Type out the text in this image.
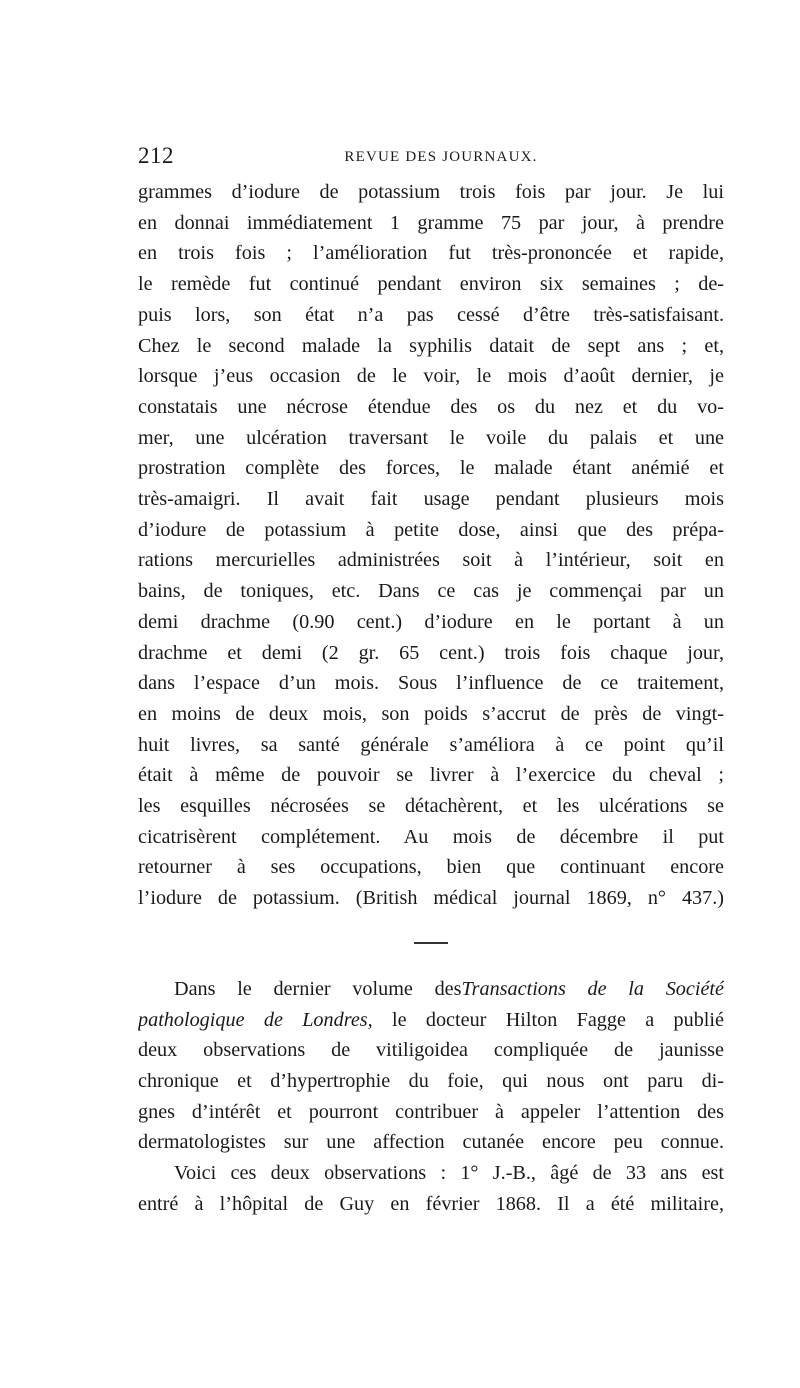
212	REVUE DES JOURNAUX.
grammes d’iodure de potassium trois fois par jour. Je lui
en donnai immédiatement 1 gramme 75 par jour, à prendre
en trois fois ; l’amélioration fut très-prononcée et rapide,
le remède fut continué pendant environ six semaines ; de-
puis lors, son état n’a pas cessé d’être très-satisfaisant.
Chez le second malade la syphilis datait de sept ans ; et,
lorsque j’eus occasion de le voir, le mois d’août dernier, je
constatais une nécrose étendue des os du nez et du vo-
mer, une ulcération traversant le voile du palais et une
prostration complète des forces, le malade étant anémié et
très-amaigri. Il avait fait usage pendant plusieurs mois
d’iodure de potassium à petite dose, ainsi que des prépa-
rations mercurielles administrées soit à l’intérieur, soit en
bains, de toniques, etc. Dans ce cas je commençai par un
demi drachme (0.90 cent.) d’iodure en le portant à un
drachme et demi (2 gr. 65 cent.) trois fois chaque jour,
dans l’espace d’un mois. Sous l’influence de ce traitement,
en moins de deux mois, son poids s’accrut de près de vingt-
huit livres, sa santé générale s’améliora à ce point qu’il
était à même de pouvoir se livrer à l’exercice du cheval ;
les esquilles nécrosées se détachèrent, et les ulcérations se
cicatrisèrent complétement. Au mois de décembre il put
retourner à ses occupations, bien que continuant encore
l’iodure de potassium. (British médical journal 1869, n° 437.)
Dans le dernier volume desTransactions de la Société
pathologique de Londres, le docteur Hilton Fagge a publié
deux observations de vitiligoidea compliquée de jaunisse
chronique et d’hypertrophie du foie, qui nous ont paru di-
gnes d’intérêt et pourront contribuer à appeler l’attention des
dermatologistes sur une affection cutanée encore peu connue.
Voici ces deux observations : 1° J.-B., âgé de 33 ans est
entré à l’hôpital de Guy en février 1868. Il a été militaire,
